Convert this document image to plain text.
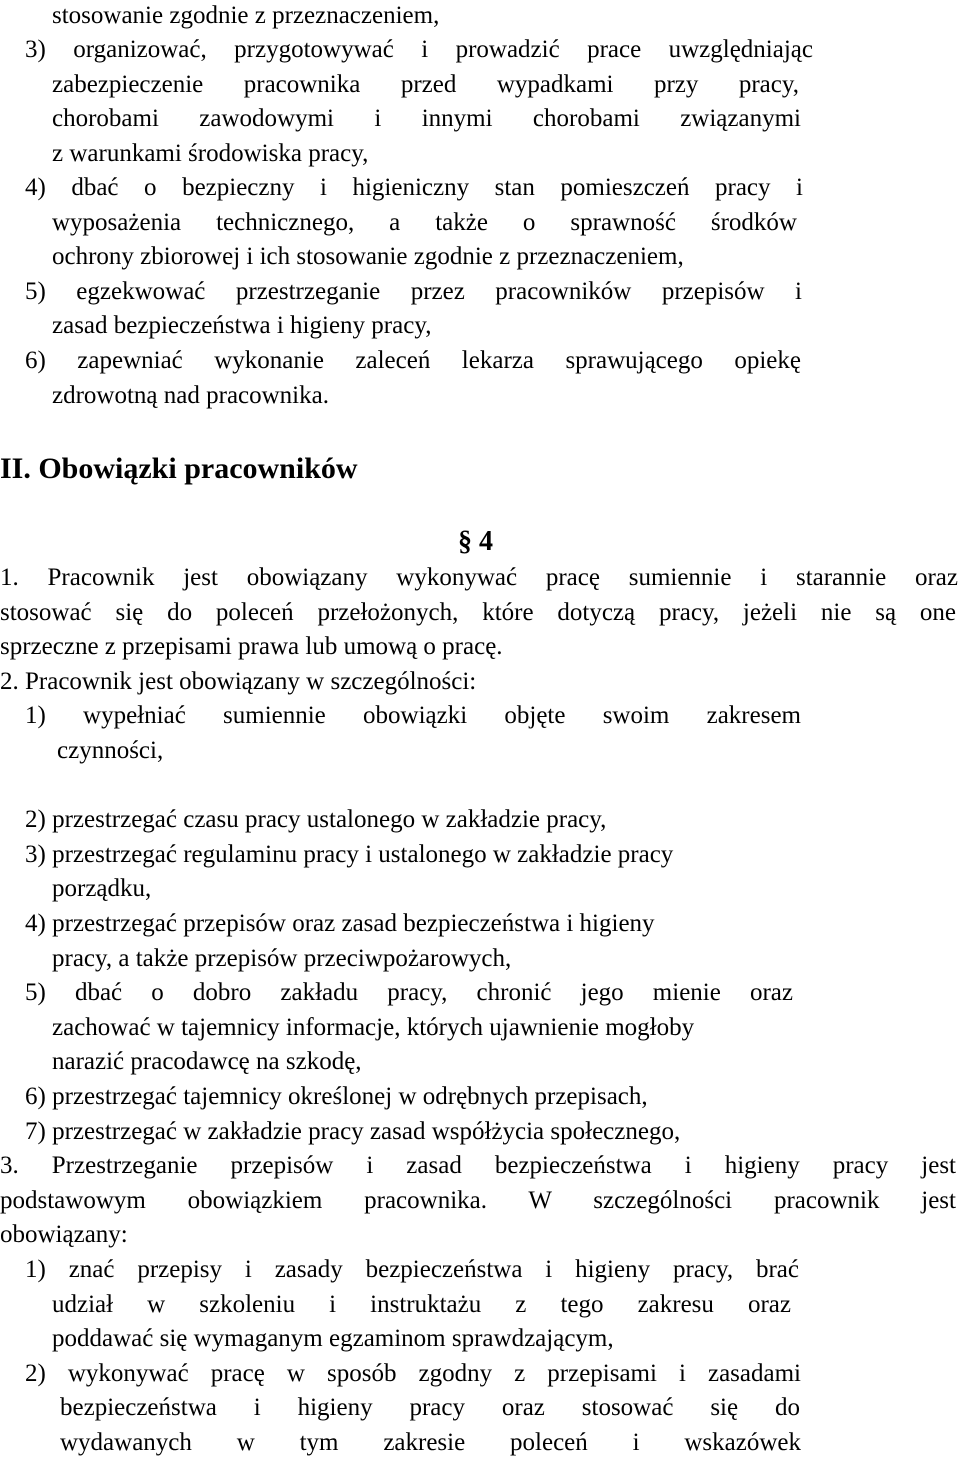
stosowanie zgodnie z przeznaczeniem,
3) organizować, przygotowywać i prowadzić prace uwzględniając
zabezpieczenie pracownika przed wypadkami przy pracy,
chorobami zawodowymi i innymi chorobami związanymi
z warunkami środowiska pracy,
4) dbać o bezpieczny i higieniczny stan pomieszczeń pracy i
wyposażenia technicznego, a także o sprawność środków
ochrony zbiorowej i ich stosowanie zgodnie z przeznaczeniem,
5) egzekwować przestrzeganie przez pracowników przepisów i
zasad bezpieczeństwa i higieny pracy,
6) zapewniać wykonanie zaleceń lekarza sprawującego opiekę
zdrowotną nad pracownika.
II. Obowiązki pracowników
§ 4
1. Pracownik jest obowiązany wykonywać pracę sumiennie i starannie oraz
stosować się do poleceń przełożonych, które dotyczą pracy, jeżeli nie są one
sprzeczne z przepisami prawa lub umową o pracę.
2. Pracownik jest obowiązany w szczególności:
1) wypełniać sumiennie obowiązki objęte swoim zakresem
czynności,
2) przestrzegać czasu pracy ustalonego w zakładzie pracy,
3) przestrzegać regulaminu pracy i ustalonego w zakładzie pracy
porządku,
4) przestrzegać przepisów oraz zasad bezpieczeństwa i higieny
pracy, a także przepisów przeciwpożarowych,
5) dbać o dobro zakładu pracy, chronić jego mienie oraz
zachować w tajemnicy informacje, których ujawnienie mogłoby
narazić pracodawcę na szkodę,
6) przestrzegać tajemnicy określonej w odrębnych przepisach,
7) przestrzegać w zakładzie pracy zasad współżycia społecznego,
3. Przestrzeganie przepisów i zasad bezpieczeństwa i higieny pracy jest
podstawowym obowiązkiem pracownika. W szczególności pracownik jest
obowiązany:
1) znać przepisy i zasady bezpieczeństwa i higieny pracy, brać
udział w szkoleniu i instruktażu z tego zakresu oraz
poddawać się wymaganym egzaminom sprawdzającym,
2) wykonywać pracę w sposób zgodny z przepisami i zasadami
bezpieczeństwa i higieny pracy oraz stosować się do
wydawanych w tym zakresie poleceń i wskazówek
